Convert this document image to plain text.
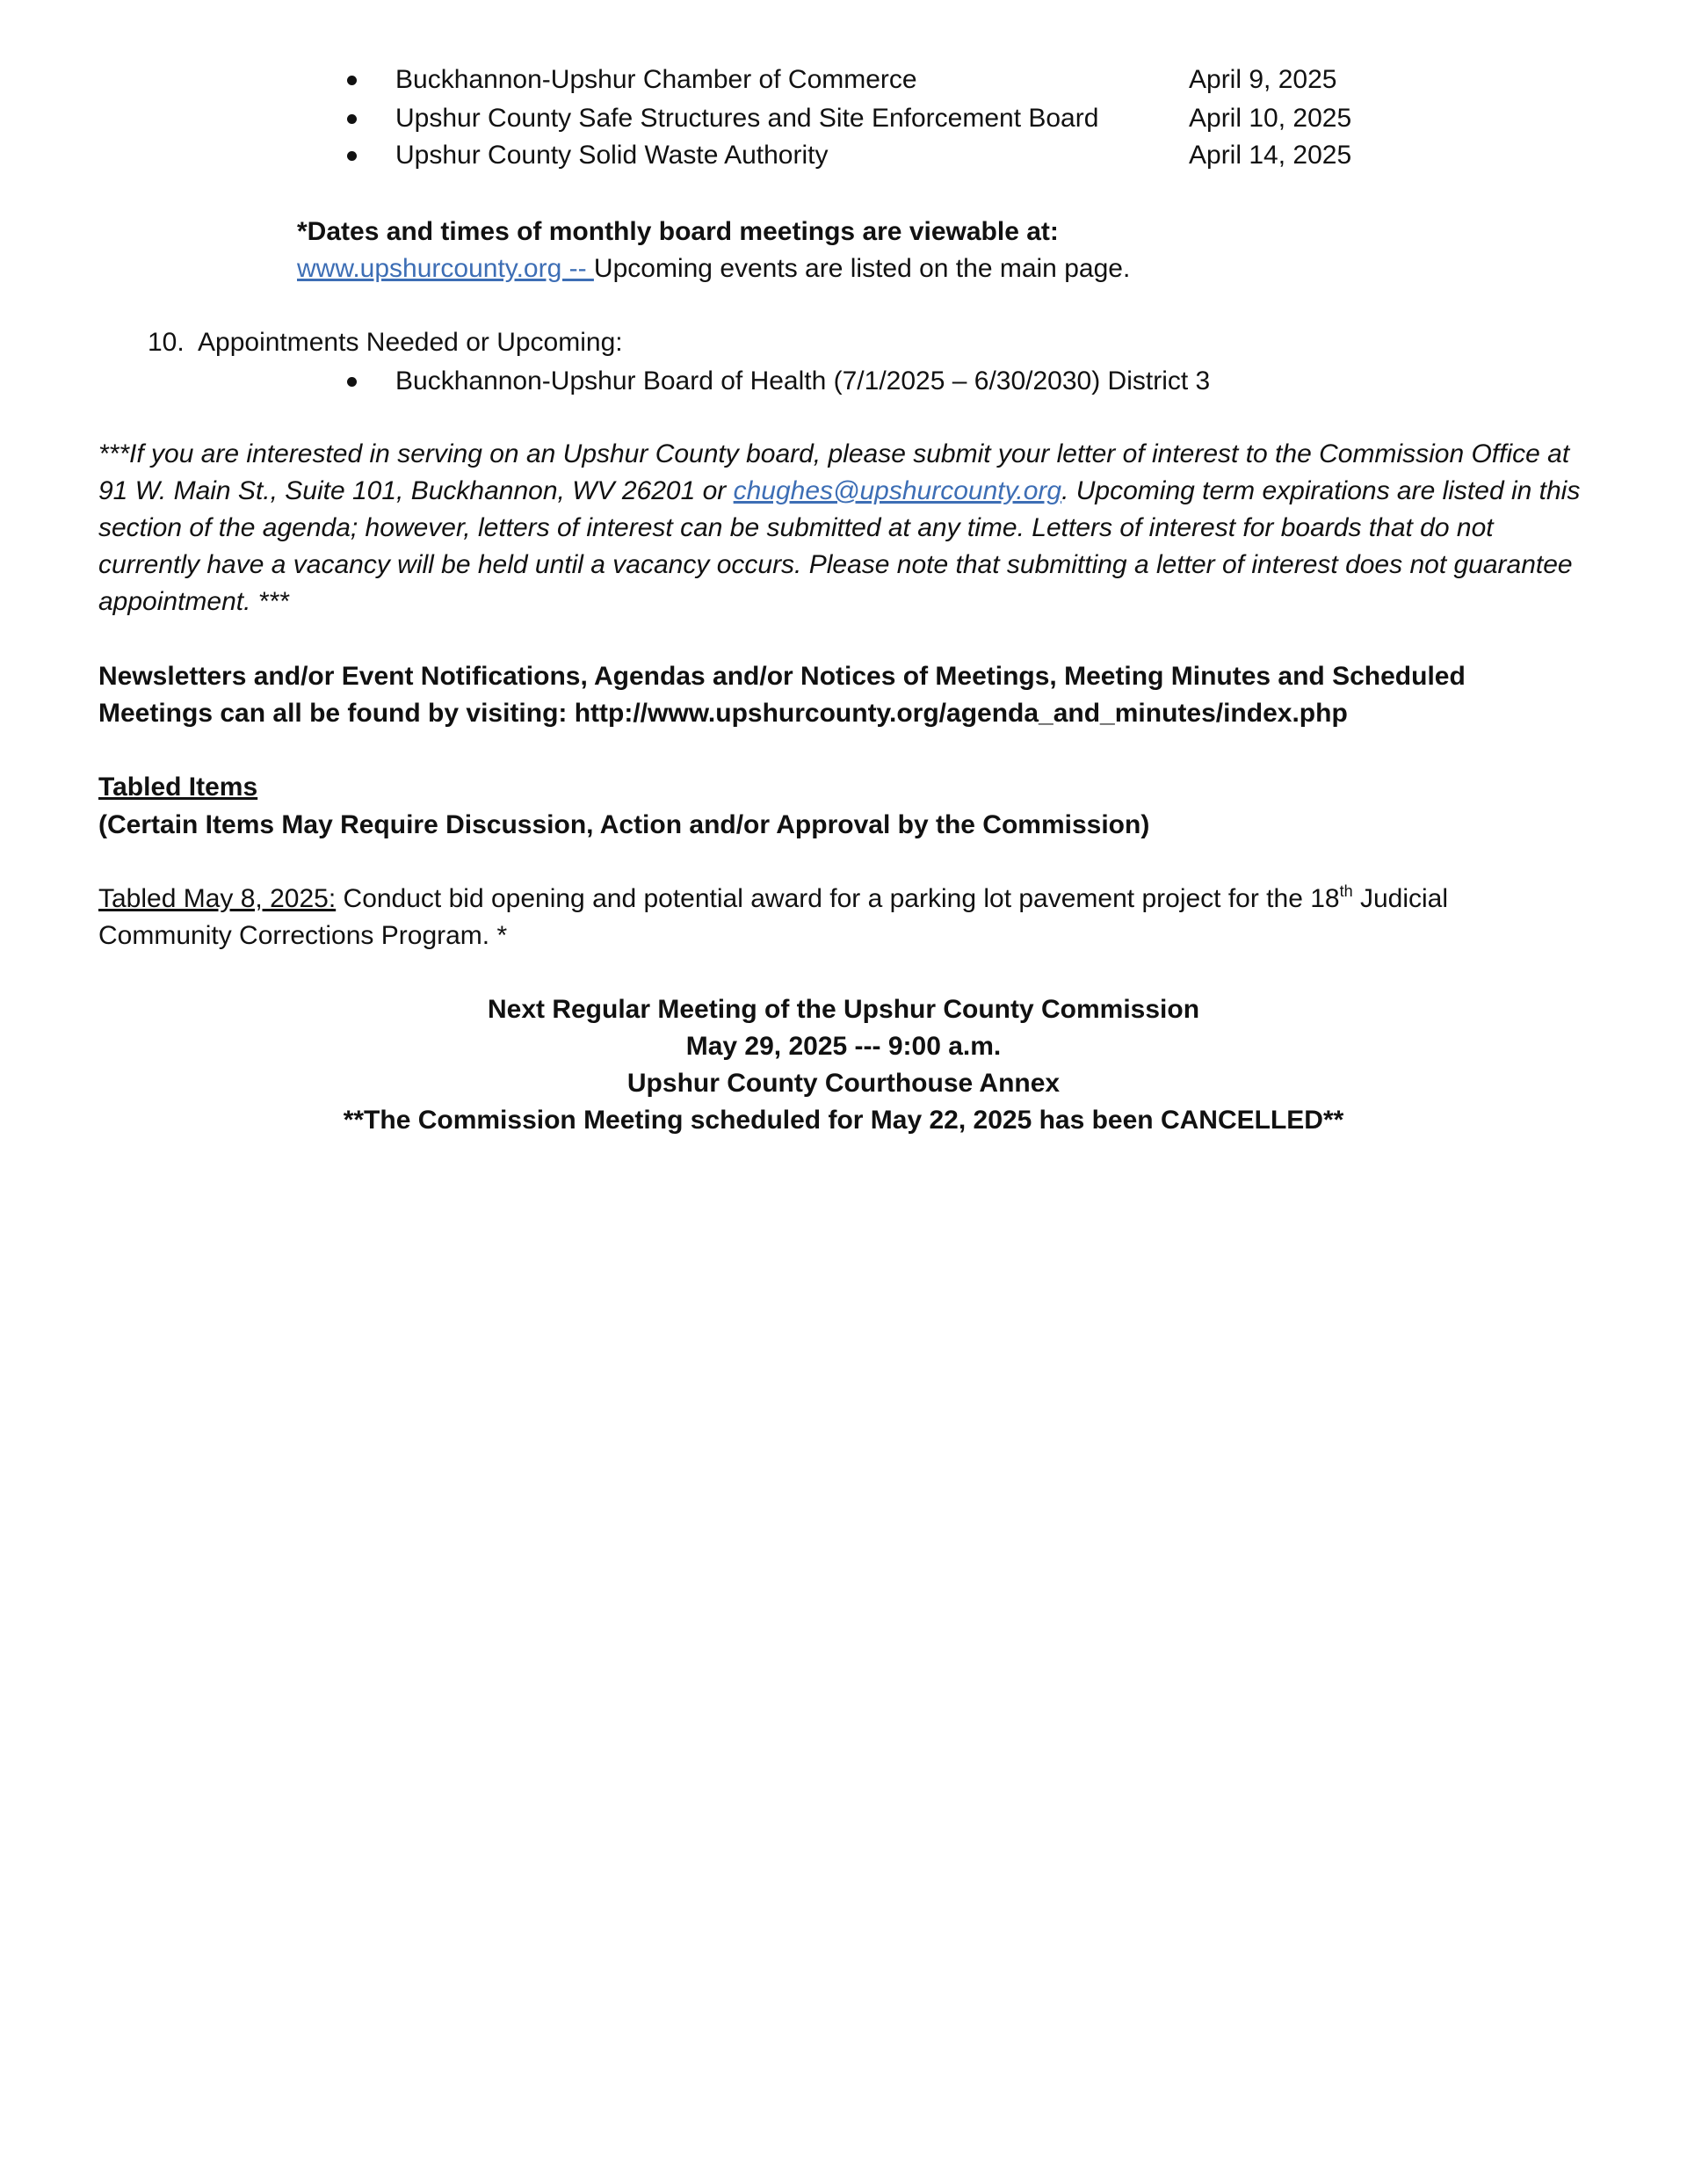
Buckhannon-Upshur Chamber of Commerce	April 9, 2025
Upshur County Safe Structures and Site Enforcement Board	April 10, 2025
Upshur County Solid Waste Authority	April 14, 2025
*Dates and times of monthly board meetings are viewable at:
www.upshurcounty.org -- Upcoming events are listed on the main page.
10. Appointments Needed or Upcoming:
Buckhannon-Upshur Board of Health (7/1/2025 – 6/30/2030) District 3
***If you are interested in serving on an Upshur County board, please submit your letter of interest to the Commission Office at 91 W. Main St., Suite 101, Buckhannon, WV 26201 or chughes@upshurcounty.org. Upcoming term expirations are listed in this section of the agenda; however, letters of interest can be submitted at any time. Letters of interest for boards that do not currently have a vacancy will be held until a vacancy occurs. Please note that submitting a letter of interest does not guarantee appointment. ***
Newsletters and/or Event Notifications, Agendas and/or Notices of Meetings, Meeting Minutes and Scheduled Meetings can all be found by visiting: http://www.upshurcounty.org/agenda_and_minutes/index.php
Tabled Items
(Certain Items May Require Discussion, Action and/or Approval by the Commission)
Tabled May 8, 2025: Conduct bid opening and potential award for a parking lot pavement project for the 18th Judicial Community Corrections Program. *
Next Regular Meeting of the Upshur County Commission
May 29, 2025 --- 9:00 a.m.
Upshur County Courthouse Annex
**The Commission Meeting scheduled for May 22, 2025 has been CANCELLED**
